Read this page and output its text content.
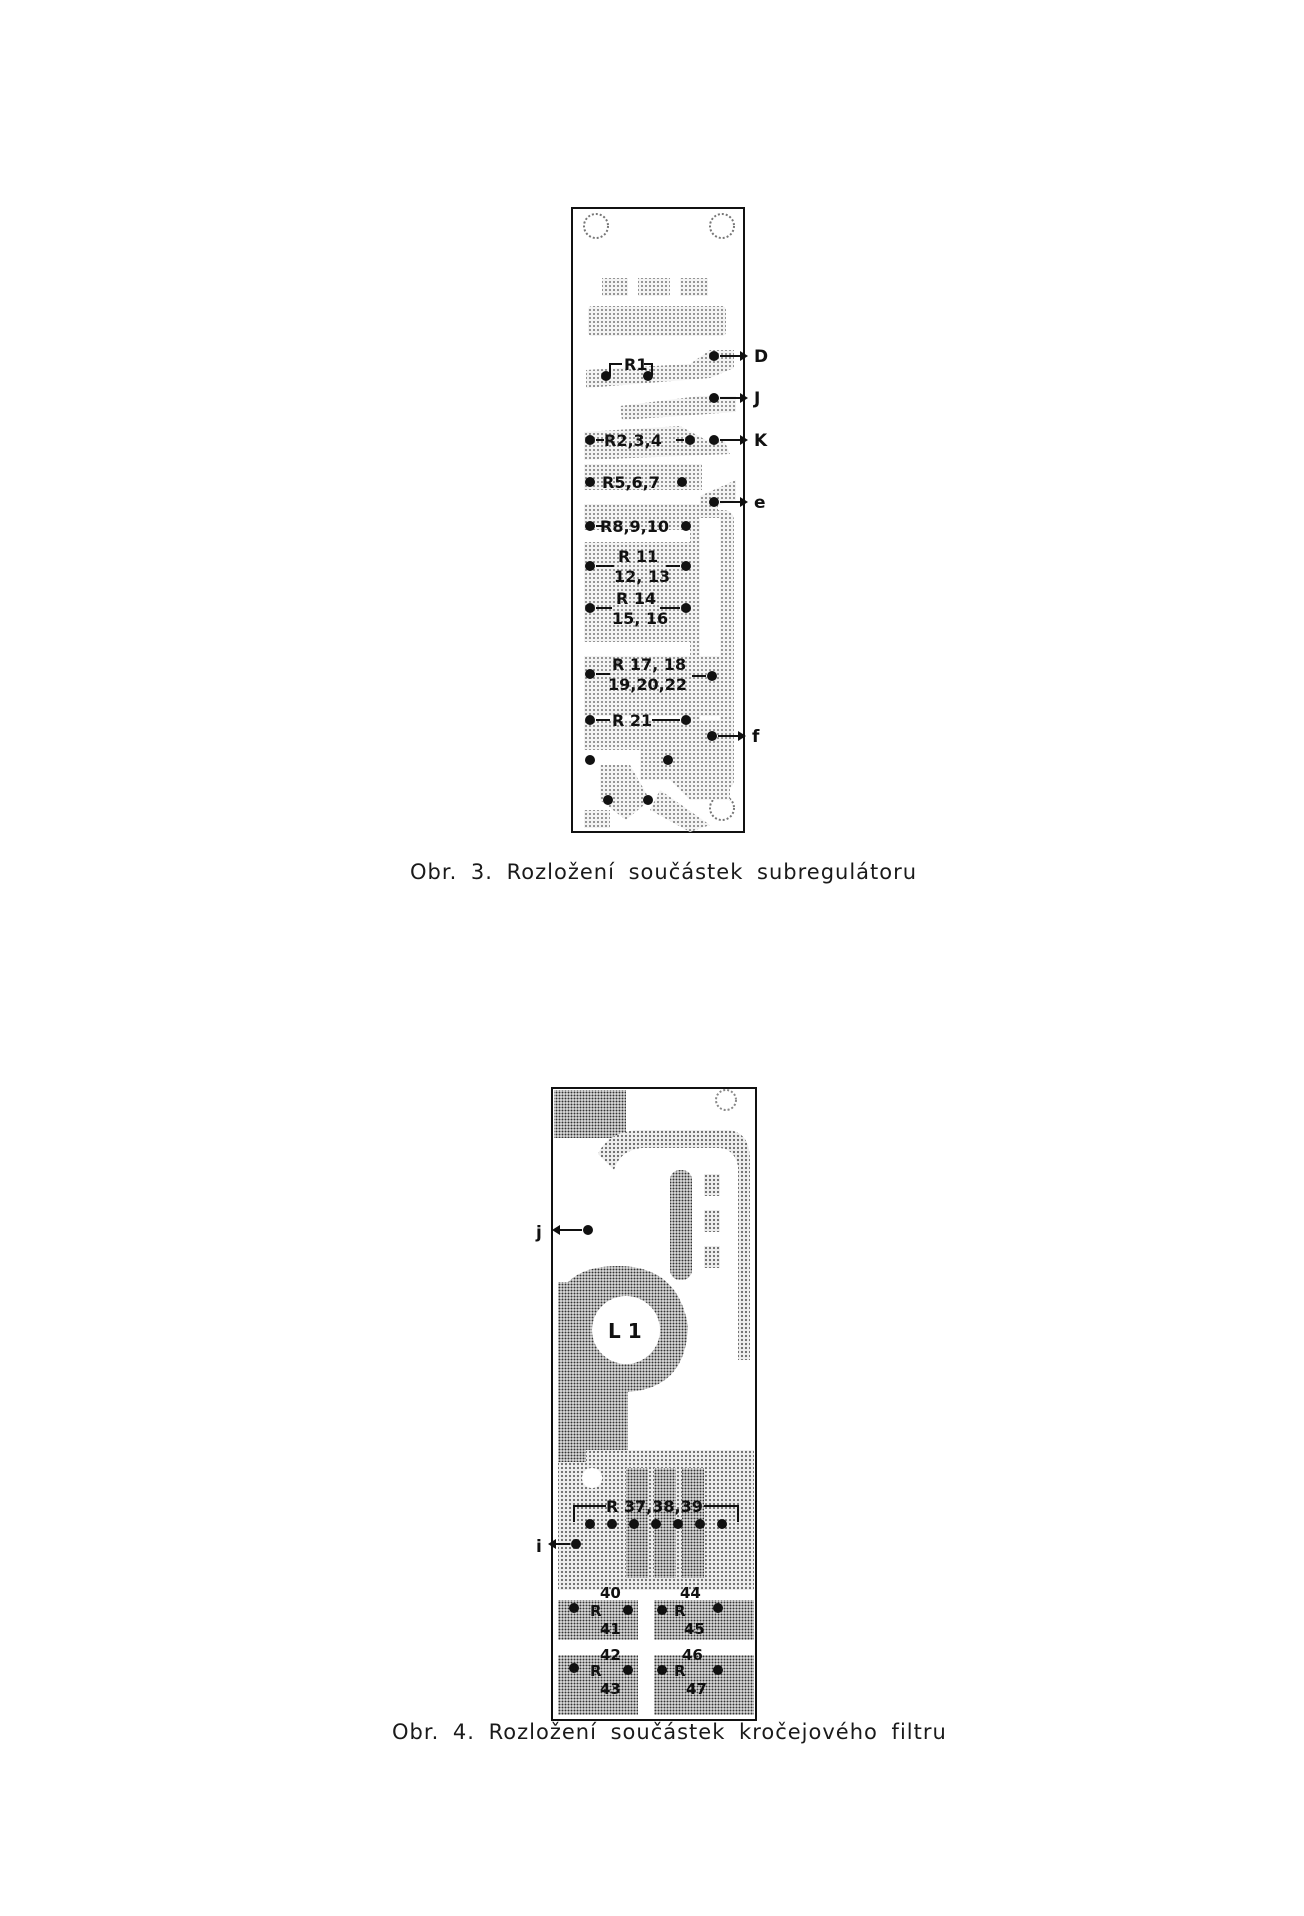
R1
R2,3,4
R5,6,7
R8,9,10
R 11
12, 13
R 14
15, 16
R 17, 18
19,20,22
R 21
D
J
K
e
f
Obr. 3. Rozložení součástek subregulátoru
L 1
R 37,38,39
40
R
41
44
R
45
42
R
43
46
R
47
j
i
Obr. 4. Rozložení součástek kročejového filtru
